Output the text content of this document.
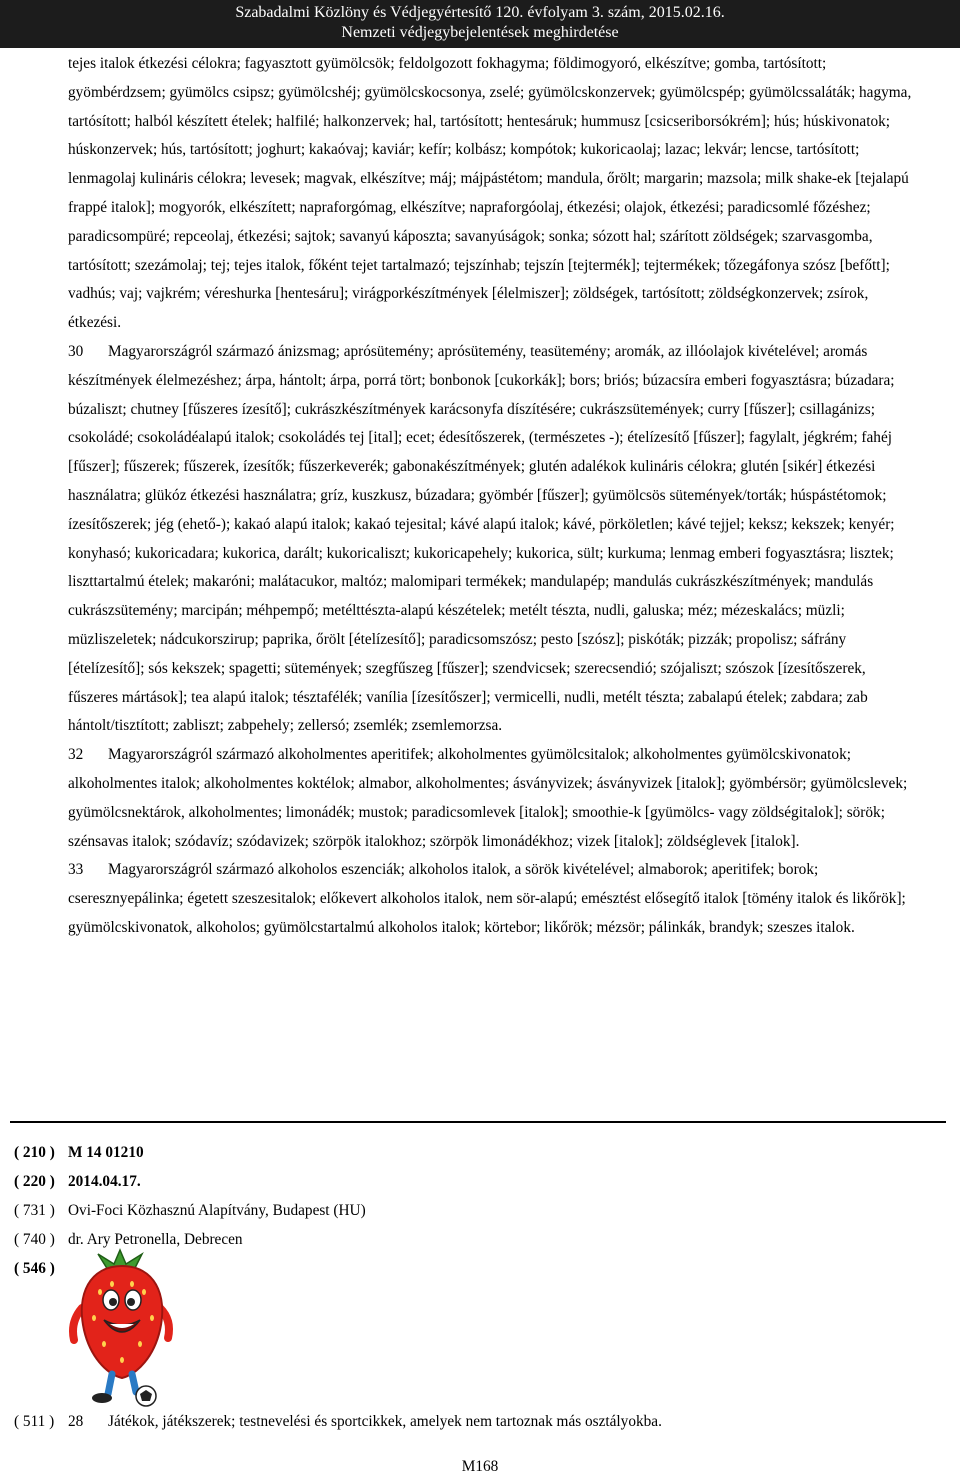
Szabadalmi Közlöny és Védjegyértesítő 120. évfolyam 3. szám, 2015.02.16.
Nemzeti védjegybejelentések meghirdetése

tejes italok étkezési célokra; fagyasztott gyümölcsök; feldolgozott fokhagyma; földimogyoró, elkészítve; gomba, tartósított; gyömbérdzsem; gyümölcs csipsz; gyümölcshéj; gyümölcskocsonya, zselé; gyümölcskonzervek; gyümölcspép; gyümölcssaláták; hagyma, tartósított; halból készített ételek; halfilé; halkonzervek; hal, tartósított; hentesáruk; hummusz [csicseriborsókrém]; hús; húskivonatok; húskonzervek; hús, tartósított; joghurt; kakaóvaj; kaviár; kefír; kolbász; kompótok; kukoricaolaj; lazac; lekvár; lencse, tartósított; lenmagolaj kulináris célokra; levesek; magvak, elkészítve; máj; májpástétom; mandula, őrölt; margarin; mazsola; milk shake-ek [tejalapú frappé italok]; mogyorók, elkészített; napraforgómag, elkészítve; napraforgóolaj, étkezési; olajok, étkezési; paradicsomlé főzéshez; paradicsompüré; repceolaj, étkezési; sajtok; savanyú káposzta; savanyúságok; sonka; sózott hal; szárított zöldségek; szarvasgomba, tartósított; szezámolaj; tej; tejes italok, főként tejet tartalmazó; tejszínhab; tejszín [tejtermék]; tejtermékek; tőzegáfonya szósz [befőtt]; vadhús; vaj; vajkrém; véreshurka [hentesáru]; virágporkészítmények [élelmiszer]; zöldségek, tartósított; zöldségkonzervek; zsírok, étkezési.

30 Magyarországról származó ánizsmag; aprósütemény; aprósütemény, teasütemény; aromák, az illóolajok kivételével; aromás készítmények élelmezéshez; árpa, hántolt; árpa, porrá tört; bonbonok [cukorkák]; bors; briós; búzacsíra emberi fogyasztásra; búzadara; búzaliszt; chutney [fűszeres ízesítő]; cukrászkészítmények karácsonyfa díszítésére; cukrászsütemények; curry [fűszer]; csillagánizs; csokoládé; csokoládéalapú italok; csokoládés tej [ital]; ecet; édesítőszerek, (természetes -); ételízesítő [fűszer]; fagylalt, jégkrém; fahéj [fűszer]; fűszerek; fűszerek, ízesítők; fűszerkeverék; gabonakészítmények; glutén adalékok kulináris célokra; glutén [sikér] étkezési használatra; glükóz étkezési használatra; gríz, kuszkusz, búzadara; gyömbér [fűszer]; gyümölcsös sütemények/torták; húspástétomok; ízesítőszerek; jég (ehető-); kakaó alapú italok; kakaó tejesital; kávé alapú italok; kávé, pörköletlen; kávé tejjel; keksz; kekszek; kenyér; konyhasó; kukoricadara; kukorica, darált; kukoricaliszt; kukoricapehely; kukorica, sült; kurkuma; lenmag emberi fogyasztásra; lisztek; liszttartalmú ételek; makaróni; malátacukor, maltóz; malomipari termékek; mandulapép; mandulás cukrászkészítmények; mandulás cukrászsütemény; marcipán; méhpempő; metélttészta-alapú készételek; metélt tészta, nudli, galuska; méz; mézeskalács; müzli; müzliszeletek; nádcukorszirup; paprika, őrölt [ételízesítő]; paradicsomszósz; pesto [szósz]; piskóták; pizzák; propolisz; sáfrány [ételízesítő]; sós kekszek; spagetti; sütemények; szegfűszeg [fűszer]; szendvicsek; szerecsendió; szójaliszt; szószok [ízesítőszerek, fűszeres mártások]; tea alapú italok; tésztafélék; vanília [ízesítőszer]; vermicelli, nudli, metélt tészta; zabalapú ételek; zabdara; zab hántolt/tisztított; zabliszt; zabpehely; zellersó; zsemlék; zsemlemorzsa.

32 Magyarországról származó alkoholmentes aperitifek; alkoholmentes gyümölcsitalok; alkoholmentes gyümölcskivonatok; alkoholmentes italok; alkoholmentes koktélok; almabor, alkoholmentes; ásványvizek; ásványvizek [italok]; gyömbérsör; gyümölcslevek; gyümölcsnektárok, alkoholmentes; limonádék; mustok; paradicsomlevek [italok]; smoothie-k [gyümölcs- vagy zöldségitalok]; sörök; szénsavas italok; szódavíz; szódavizek; szörpök italokhoz; szörpök limonádékhoz; vizek [italok]; zöldséglevek [italok].

33 Magyarországról származó alkoholos eszenciák; alkoholos italok, a sörök kivételével; almaborok; aperitifek; borok; cseresznyepálinka; égetett szeszesitalok; előkevert alkoholos italok, nem sör-alapú; emésztést elősegítő italok [tömény italok és likőrök]; gyümölcskivonatok, alkoholos; gyümölcstartalmú alkoholos italok; körtebor; likőrök; mézsör; pálinkák, brandyk; szeszes italok.

( 210 ) M 14 01210
( 220 ) 2014.04.17.
( 731 ) Ovi-Foci Közhasznú Alapítvány, Budapest (HU)
( 740 ) dr. Ary Petronella, Debrecen
( 546 )
( 511 ) 28 Játékok, játékszerek; testnevelési és sportcikkek, amelyek nem tartoznak más osztályokba.
M168
